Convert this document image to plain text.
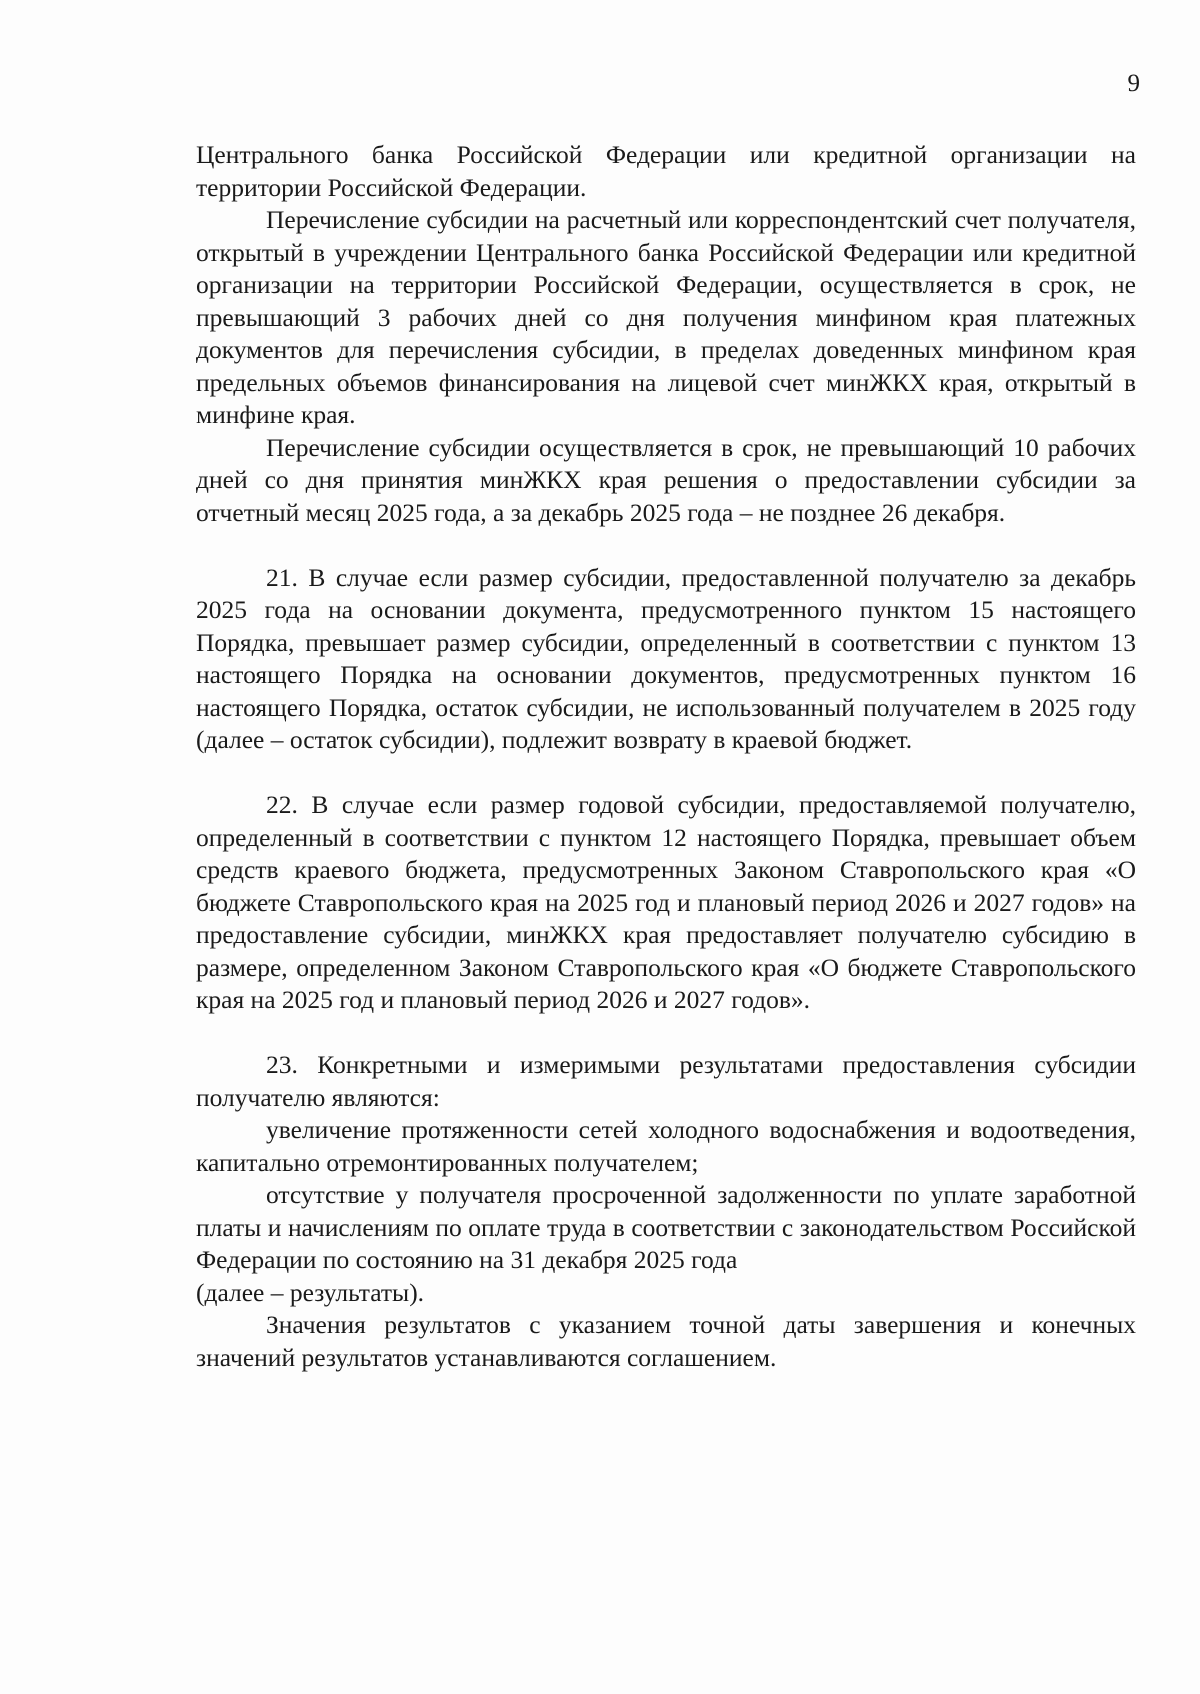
9

Центрального банка Российской Федерации или кредитной организации на территории Российской Федерации.

Перечисление субсидии на расчетный или корреспондентский счет получателя, открытый в учреждении Центрального банка Российской Федерации или кредитной организации на территории Российской Федерации, осуществляется в срок, не превышающий 3 рабочих дней со дня получения минфином края платежных документов для перечисления субсидии, в пределах доведенных минфином края предельных объемов финансирования на лицевой счет минЖКХ края, открытый в минфине края.

Перечисление субсидии осуществляется в срок, не превышающий 10 рабочих дней со дня принятия минЖКХ края решения о предоставлении субсидии за отчетный месяц 2025 года, а за декабрь 2025 года – не позднее 26 декабря.

21. В случае если размер субсидии, предоставленной получателю за декабрь 2025 года на основании документа, предусмотренного пунктом 15 настоящего Порядка, превышает размер субсидии, определенный в соответствии с пунктом 13 настоящего Порядка на основании документов, предусмотренных пунктом 16 настоящего Порядка, остаток субсидии, не использованный получателем в 2025 году (далее – остаток субсидии), подлежит возврату в краевой бюджет.

22. В случае если размер годовой субсидии, предоставляемой получателю, определенный в соответствии с пунктом 12 настоящего Порядка, превышает объем средств краевого бюджета, предусмотренных Законом Ставропольского края «О бюджете Ставропольского края на 2025 год и плановый период 2026 и 2027 годов» на предоставление субсидии, минЖКХ края предоставляет получателю субсидию в размере, определенном Законом Ставропольского края «О бюджете Ставропольского края на 2025 год и плановый период 2026 и 2027 годов».

23. Конкретными и измеримыми результатами предоставления субсидии получателю являются:

увеличение протяженности сетей холодного водоснабжения и водоотведения, капитально отремонтированных получателем;

отсутствие у получателя просроченной задолженности по уплате заработной платы и начислениям по оплате труда в соответствии с законодательством Российской Федерации по состоянию на 31 декабря 2025 года

(далее – результаты).

Значения результатов с указанием точной даты завершения и конечных значений результатов устанавливаются соглашением.
